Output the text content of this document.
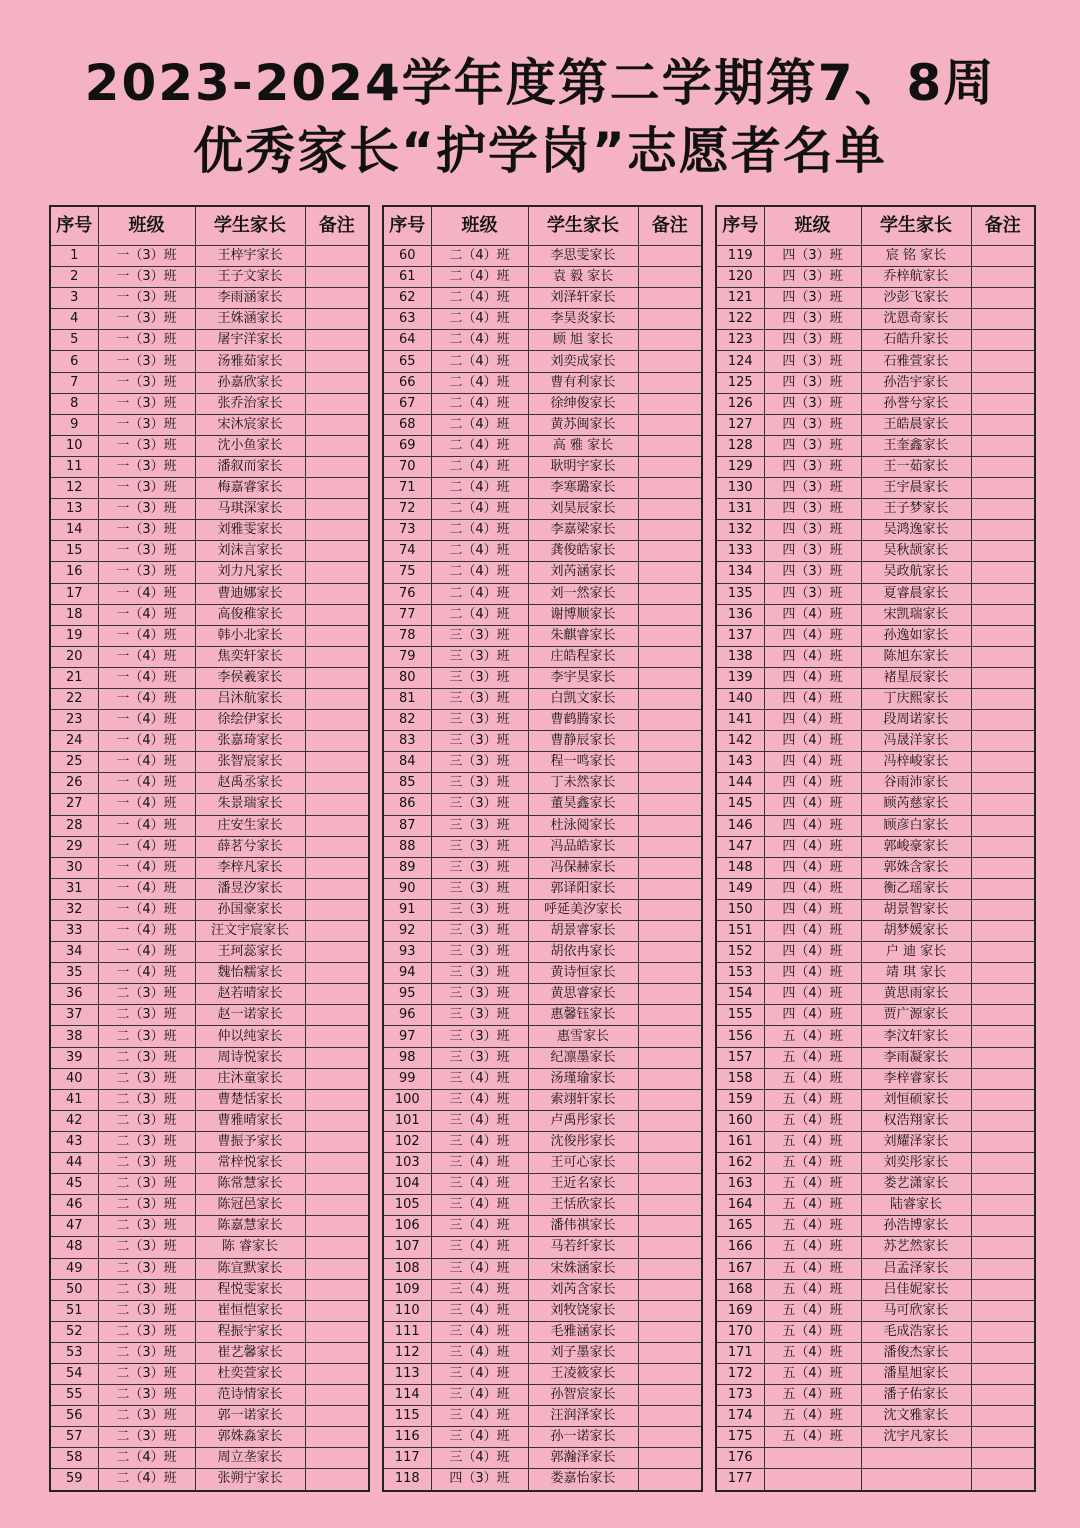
2023-2024学年度第二学期第7、8周
优秀家长“护学岗”志愿者名单
序号	班级	学生家长	备注
1	一（3）班	王梓宇家长	
2	一（3）班	王子文家长	
3	一（3）班	李雨涵家长	
4	一（3）班	王姝涵家长	
5	一（3）班	屠宇洋家长	
6	一（3）班	汤雅茹家长	
7	一（3）班	孙嘉欣家长	
8	一（3）班	张乔治家长	
9	一（3）班	宋沐宸家长	
10	一（3）班	沈小鱼家长	
11	一（3）班	潘叙而家长	
12	一（3）班	梅嘉睿家长	
13	一（3）班	马琪深家长	
14	一（3）班	刘雅雯家长	
15	一（3）班	刘沫言家长	
16	一（3）班	刘力凡家长	
17	一（4）班	曹迪娜家长	
18	一（4）班	高俊稚家长	
19	一（4）班	韩小北家长	
20	一（4）班	焦奕轩家长	
21	一（4）班	李侯羲家长	
22	一（4）班	吕沐航家长	
23	一（4）班	徐绘伊家长	
24	一（4）班	张嘉琦家长	
25	一（4）班	张智宸家长	
26	一（4）班	赵禹丞家长	
27	一（4）班	朱景瑞家长	
28	一（4）班	庄安生家长	
29	一（4）班	薛茗兮家长	
30	一（4）班	李梓凡家长	
31	一（4）班	潘昱汐家长	
32	一（4）班	孙国豪家长	
33	一（4）班	汪文宇宸家长	
34	一（4）班	王珂蕊家长	
35	一（4）班	魏怡糯家长	
36	二（3）班	赵若晴家长	
37	二（3）班	赵一诺家长	
38	二（3）班	仲以纯家长	
39	二（3）班	周诗悦家长	
40	二（3）班	庄沐童家长	
41	二（3）班	曹楚恬家长	
42	二（3）班	曹雅晴家长	
43	二（3）班	曹振予家长	
44	二（3）班	常梓悦家长	
45	二（3）班	陈常慧家长	
46	二（3）班	陈冠邑家长	
47	二（3）班	陈嘉慧家长	
48	二（3）班	陈 睿家长	
49	二（3）班	陈宣默家长	
50	二（3）班	程悦雯家长	
51	二（3）班	崔恒恺家长	
52	二（3）班	程振宇家长	
53	二（3）班	崔艺馨家长	
54	二（3）班	杜奕萱家长	
55	二（3）班	范诗情家长	
56	二（3）班	郭一诺家长	
57	二（3）班	郭姝淼家长	
58	二（4）班	周立垄家长	
59	二（4）班	张朔宁家长	
序号	班级	学生家长	备注
60	二（4）班	李思雯家长	
61	二（4）班	袁 毅 家长	
62	二（4）班	刘泽轩家长	
63	二（4）班	李昊炎家长	
64	二（4）班	顾 旭 家长	
65	二（4）班	刘奕成家长	
66	二（4）班	曹有利家长	
67	二（4）班	徐绅俊家长	
68	二（4）班	黄苏闽家长	
69	二（4）班	高 雅 家长	
70	二（4）班	耿明宇家长	
71	二（4）班	李寒璐家长	
72	二（4）班	刘昊辰家长	
73	二（4）班	李嘉梁家长	
74	二（4）班	龚俊皓家长	
75	二（4）班	刘芮涵家长	
76	二（4）班	刘一然家长	
77	二（4）班	谢博顺家长	
78	三（3）班	朱麒睿家长	
79	三（3）班	庄皓程家长	
80	三（3）班	李宇昊家长	
81	三（3）班	白凯文家长	
82	三（3）班	曹鹤腾家长	
83	三（3）班	曹静辰家长	
84	三（3）班	程一鸣家长	
85	三（3）班	丁未然家长	
86	三（3）班	董昊鑫家长	
87	三（3）班	杜泳阅家长	
88	三（3）班	冯品皓家长	
89	三（3）班	冯保赫家长	
90	三（3）班	郭译阳家长	
91	三（3）班	呼延美汐家长	
92	三（3）班	胡景睿家长	
93	三（3）班	胡依冉家长	
94	三（3）班	黄诗恒家长	
95	三（3）班	黄思睿家长	
96	三（3）班	惠馨钰家长	
97	三（3）班	惠雪家长	
98	三（3）班	纪凛墨家长	
99	三（4）班	汤瑾瑜家长	
100	三（4）班	索翊轩家长	
101	三（4）班	卢禹彤家长	
102	三（4）班	沈俊彤家长	
103	三（4）班	王可心家长	
104	三（4）班	王近名家长	
105	三（4）班	王恬欣家长	
106	三（4）班	潘伟祺家长	
107	三（4）班	马若纤家长	
108	三（4）班	宋姝涵家长	
109	三（4）班	刘芮含家长	
110	三（4）班	刘牧饶家长	
111	三（4）班	毛雅涵家长	
112	三（4）班	刘子墨家长	
113	三（4）班	王凌筱家长	
114	三（4）班	孙智宸家长	
115	三（4）班	汪润泽家长	
116	三（4）班	孙一诺家长	
117	三（4）班	郭瀚泽家长	
118	四（3）班	娄嘉怡家长	
序号	班级	学生家长	备注
119	四（3）班	宸 铭 家长	
120	四（3）班	乔梓航家长	
121	四（3）班	沙彭飞家长	
122	四（3）班	沈恩奇家长	
123	四（3）班	石皓升家长	
124	四（3）班	石雅萱家长	
125	四（3）班	孙浩宇家长	
126	四（3）班	孙誉兮家长	
127	四（3）班	王皓晨家长	
128	四（3）班	王奎鑫家长	
129	四（3）班	王一茹家长	
130	四（3）班	王宇晨家长	
131	四（3）班	王子梦家长	
132	四（3）班	吴鸿逸家长	
133	四（3）班	吴秋颉家长	
134	四（3）班	吴政航家长	
135	四（3）班	夏睿晨家长	
136	四（4）班	宋凯瑞家长	
137	四（4）班	孙逸如家长	
138	四（4）班	陈旭东家长	
139	四（4）班	褚星辰家长	
140	四（4）班	丁庆熙家长	
141	四（4）班	段周诺家长	
142	四（4）班	冯晟洋家长	
143	四（4）班	冯梓峻家长	
144	四（4）班	谷雨沛家长	
145	四（4）班	顾芮慈家长	
146	四（4）班	顾彦白家长	
147	四（4）班	郭峻豪家长	
148	四（4）班	郭姝含家长	
149	四（4）班	衡乙瑶家长	
150	四（4）班	胡景智家长	
151	四（4）班	胡梦媛家长	
152	四（4）班	户 迪 家长	
153	四（4）班	靖 琪 家长	
154	四（4）班	黄思雨家长	
155	四（4）班	贾广源家长	
156	五（4）班	李汶轩家长	
157	五（4）班	李雨凝家长	
158	五（4）班	李梓睿家长	
159	五（4）班	刘恒硕家长	
160	五（4）班	权浩翔家长	
161	五（4）班	刘耀泽家长	
162	五（4）班	刘奕彤家长	
163	五（4）班	娄艺潇家长	
164	五（4）班	陆睿家长	
165	五（4）班	孙浩博家长	
166	五（4）班	苏艺然家长	
167	五（4）班	吕孟泽家长	
168	五（4）班	吕佳妮家长	
169	五（4）班	马可欣家长	
170	五（4）班	毛成浩家长	
171	五（4）班	潘俊杰家长	
172	五（4）班	潘星旭家长	
173	五（4）班	潘子佑家长	
174	五（4）班	沈文雅家长	
175	五（4）班	沈宇凡家长	
176			
177			
